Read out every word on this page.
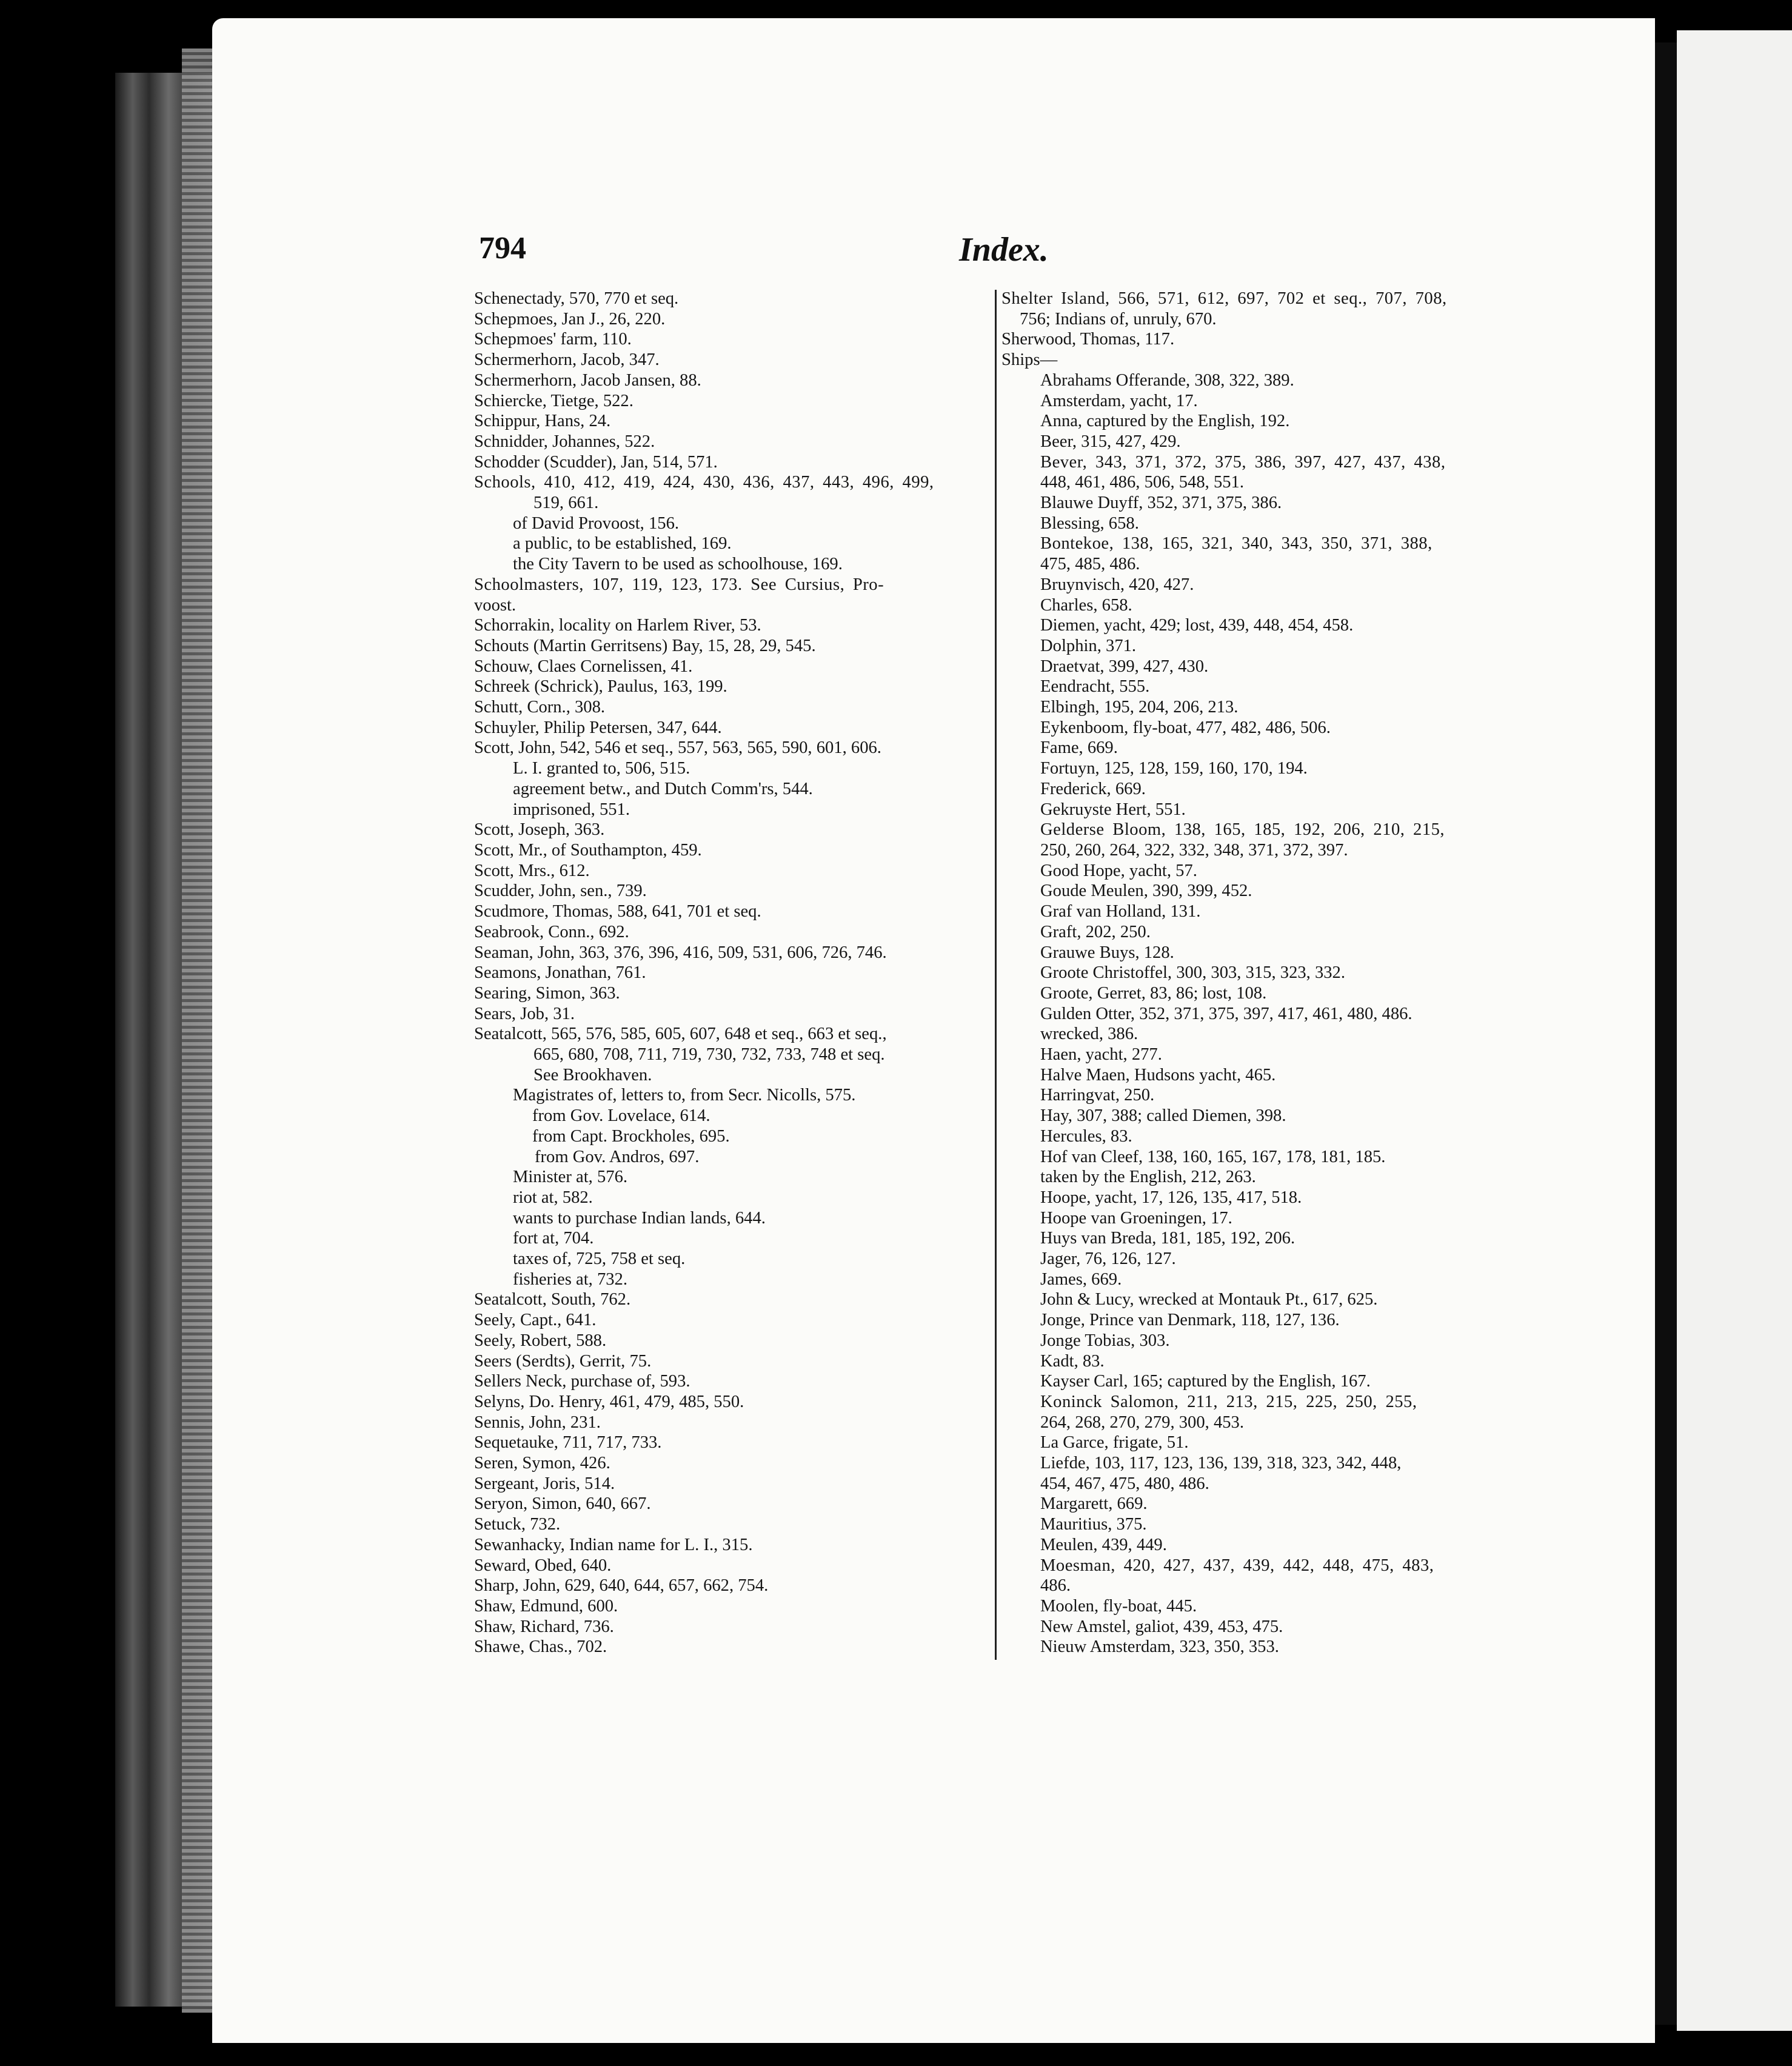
794	Index.
Schenectady, 570, 770 et seq.
Schepmoes, Jan J., 26, 220.
Schepmoes' farm, 110.
Schermerhorn, Jacob, 347.
Schermerhorn, Jacob Jansen, 88.
Schiercke, Tietge, 522.
Schippur, Hans, 24.
Schnidder, Johannes, 522.
Schodder (Scudder), Jan, 514, 571.
Schools, 410, 412, 419, 424, 430, 436, 437, 443, 496, 499,
519, 661.
of David Provoost, 156.
a public, to be established, 169.
the City Tavern to be used as schoolhouse, 169.
Schoolmasters, 107, 119, 123, 173. See Cursius, Pro-
voost.
Schorrakin, locality on Harlem River, 53.
Schouts (Martin Gerritsens) Bay, 15, 28, 29, 545.
Schouw, Claes Cornelissen, 41.
Schreek (Schrick), Paulus, 163, 199.
Schutt, Corn., 308.
Schuyler, Philip Petersen, 347, 644.
Scott, John, 542, 546 et seq., 557, 563, 565, 590, 601, 606.
L. I. granted to, 506, 515.
agreement betw., and Dutch Comm'rs, 544.
imprisoned, 551.
Scott, Joseph, 363.
Scott, Mr., of Southampton, 459.
Scott, Mrs., 612.
Scudder, John, sen., 739.
Scudmore, Thomas, 588, 641, 701 et seq.
Seabrook, Conn., 692.
Seaman, John, 363, 376, 396, 416, 509, 531, 606, 726, 746.
Seamons, Jonathan, 761.
Searing, Simon, 363.
Sears, Job, 31.
Seatalcott, 565, 576, 585, 605, 607, 648 et seq., 663 et seq.,
665, 680, 708, 711, 719, 730, 732, 733, 748 et seq.
See Brookhaven.
Magistrates of, letters to, from Secr. Nicolls, 575.
from Gov. Lovelace, 614.
from Capt. Brockholes, 695.
from Gov. Andros, 697.
Minister at, 576.
riot at, 582.
wants to purchase Indian lands, 644.
fort at, 704.
taxes of, 725, 758 et seq.
fisheries at, 732.
Seatalcott, South, 762.
Seely, Capt., 641.
Seely, Robert, 588.
Seers (Serdts), Gerrit, 75.
Sellers Neck, purchase of, 593.
Selyns, Do. Henry, 461, 479, 485, 550.
Sennis, John, 231.
Sequetauke, 711, 717, 733.
Seren, Symon, 426.
Sergeant, Joris, 514.
Seryon, Simon, 640, 667.
Setuck, 732.
Sewanhacky, Indian name for L. I., 315.
Seward, Obed, 640.
Sharp, John, 629, 640, 644, 657, 662, 754.
Shaw, Edmund, 600.
Shaw, Richard, 736.
Shawe, Chas., 702.
Shelter Island, 566, 571, 612, 697, 702 et seq., 707, 708,
756; Indians of, unruly, 670.
Sherwood, Thomas, 117.
Ships—
Abrahams Offerande, 308, 322, 389.
Amsterdam, yacht, 17.
Anna, captured by the English, 192.
Beer, 315, 427, 429.
Bever, 343, 371, 372, 375, 386, 397, 427, 437, 438,
448, 461, 486, 506, 548, 551.
Blauwe Duyff, 352, 371, 375, 386.
Blessing, 658.
Bontekoe, 138, 165, 321, 340, 343, 350, 371, 388,
475, 485, 486.
Bruynvisch, 420, 427.
Charles, 658.
Diemen, yacht, 429; lost, 439, 448, 454, 458.
Dolphin, 371.
Draetvat, 399, 427, 430.
Eendracht, 555.
Elbingh, 195, 204, 206, 213.
Eykenboom, fly-boat, 477, 482, 486, 506.
Fame, 669.
Fortuyn, 125, 128, 159, 160, 170, 194.
Frederick, 669.
Gekruyste Hert, 551.
Gelderse Bloom, 138, 165, 185, 192, 206, 210, 215,
250, 260, 264, 322, 332, 348, 371, 372, 397.
Good Hope, yacht, 57.
Goude Meulen, 390, 399, 452.
Graf van Holland, 131.
Graft, 202, 250.
Grauwe Buys, 128.
Groote Christoffel, 300, 303, 315, 323, 332.
Groote, Gerret, 83, 86; lost, 108.
Gulden Otter, 352, 371, 375, 397, 417, 461, 480, 486.
wrecked, 386.
Haen, yacht, 277.
Halve Maen, Hudsons yacht, 465.
Harringvat, 250.
Hay, 307, 388; called Diemen, 398.
Hercules, 83.
Hof van Cleef, 138, 160, 165, 167, 178, 181, 185.
taken by the English, 212, 263.
Hoope, yacht, 17, 126, 135, 417, 518.
Hoope van Groeningen, 17.
Huys van Breda, 181, 185, 192, 206.
Jager, 76, 126, 127.
James, 669.
John & Lucy, wrecked at Montauk Pt., 617, 625.
Jonge, Prince van Denmark, 118, 127, 136.
Jonge Tobias, 303.
Kadt, 83.
Kayser Carl, 165; captured by the English, 167.
Koninck Salomon, 211, 213, 215, 225, 250, 255,
264, 268, 270, 279, 300, 453.
La Garce, frigate, 51.
Liefde, 103, 117, 123, 136, 139, 318, 323, 342, 448,
454, 467, 475, 480, 486.
Margarett, 669.
Mauritius, 375.
Meulen, 439, 449.
Moesman, 420, 427, 437, 439, 442, 448, 475, 483,
486.
Moolen, fly-boat, 445.
New Amstel, galiot, 439, 453, 475.
Nieuw Amsterdam, 323, 350, 353.
